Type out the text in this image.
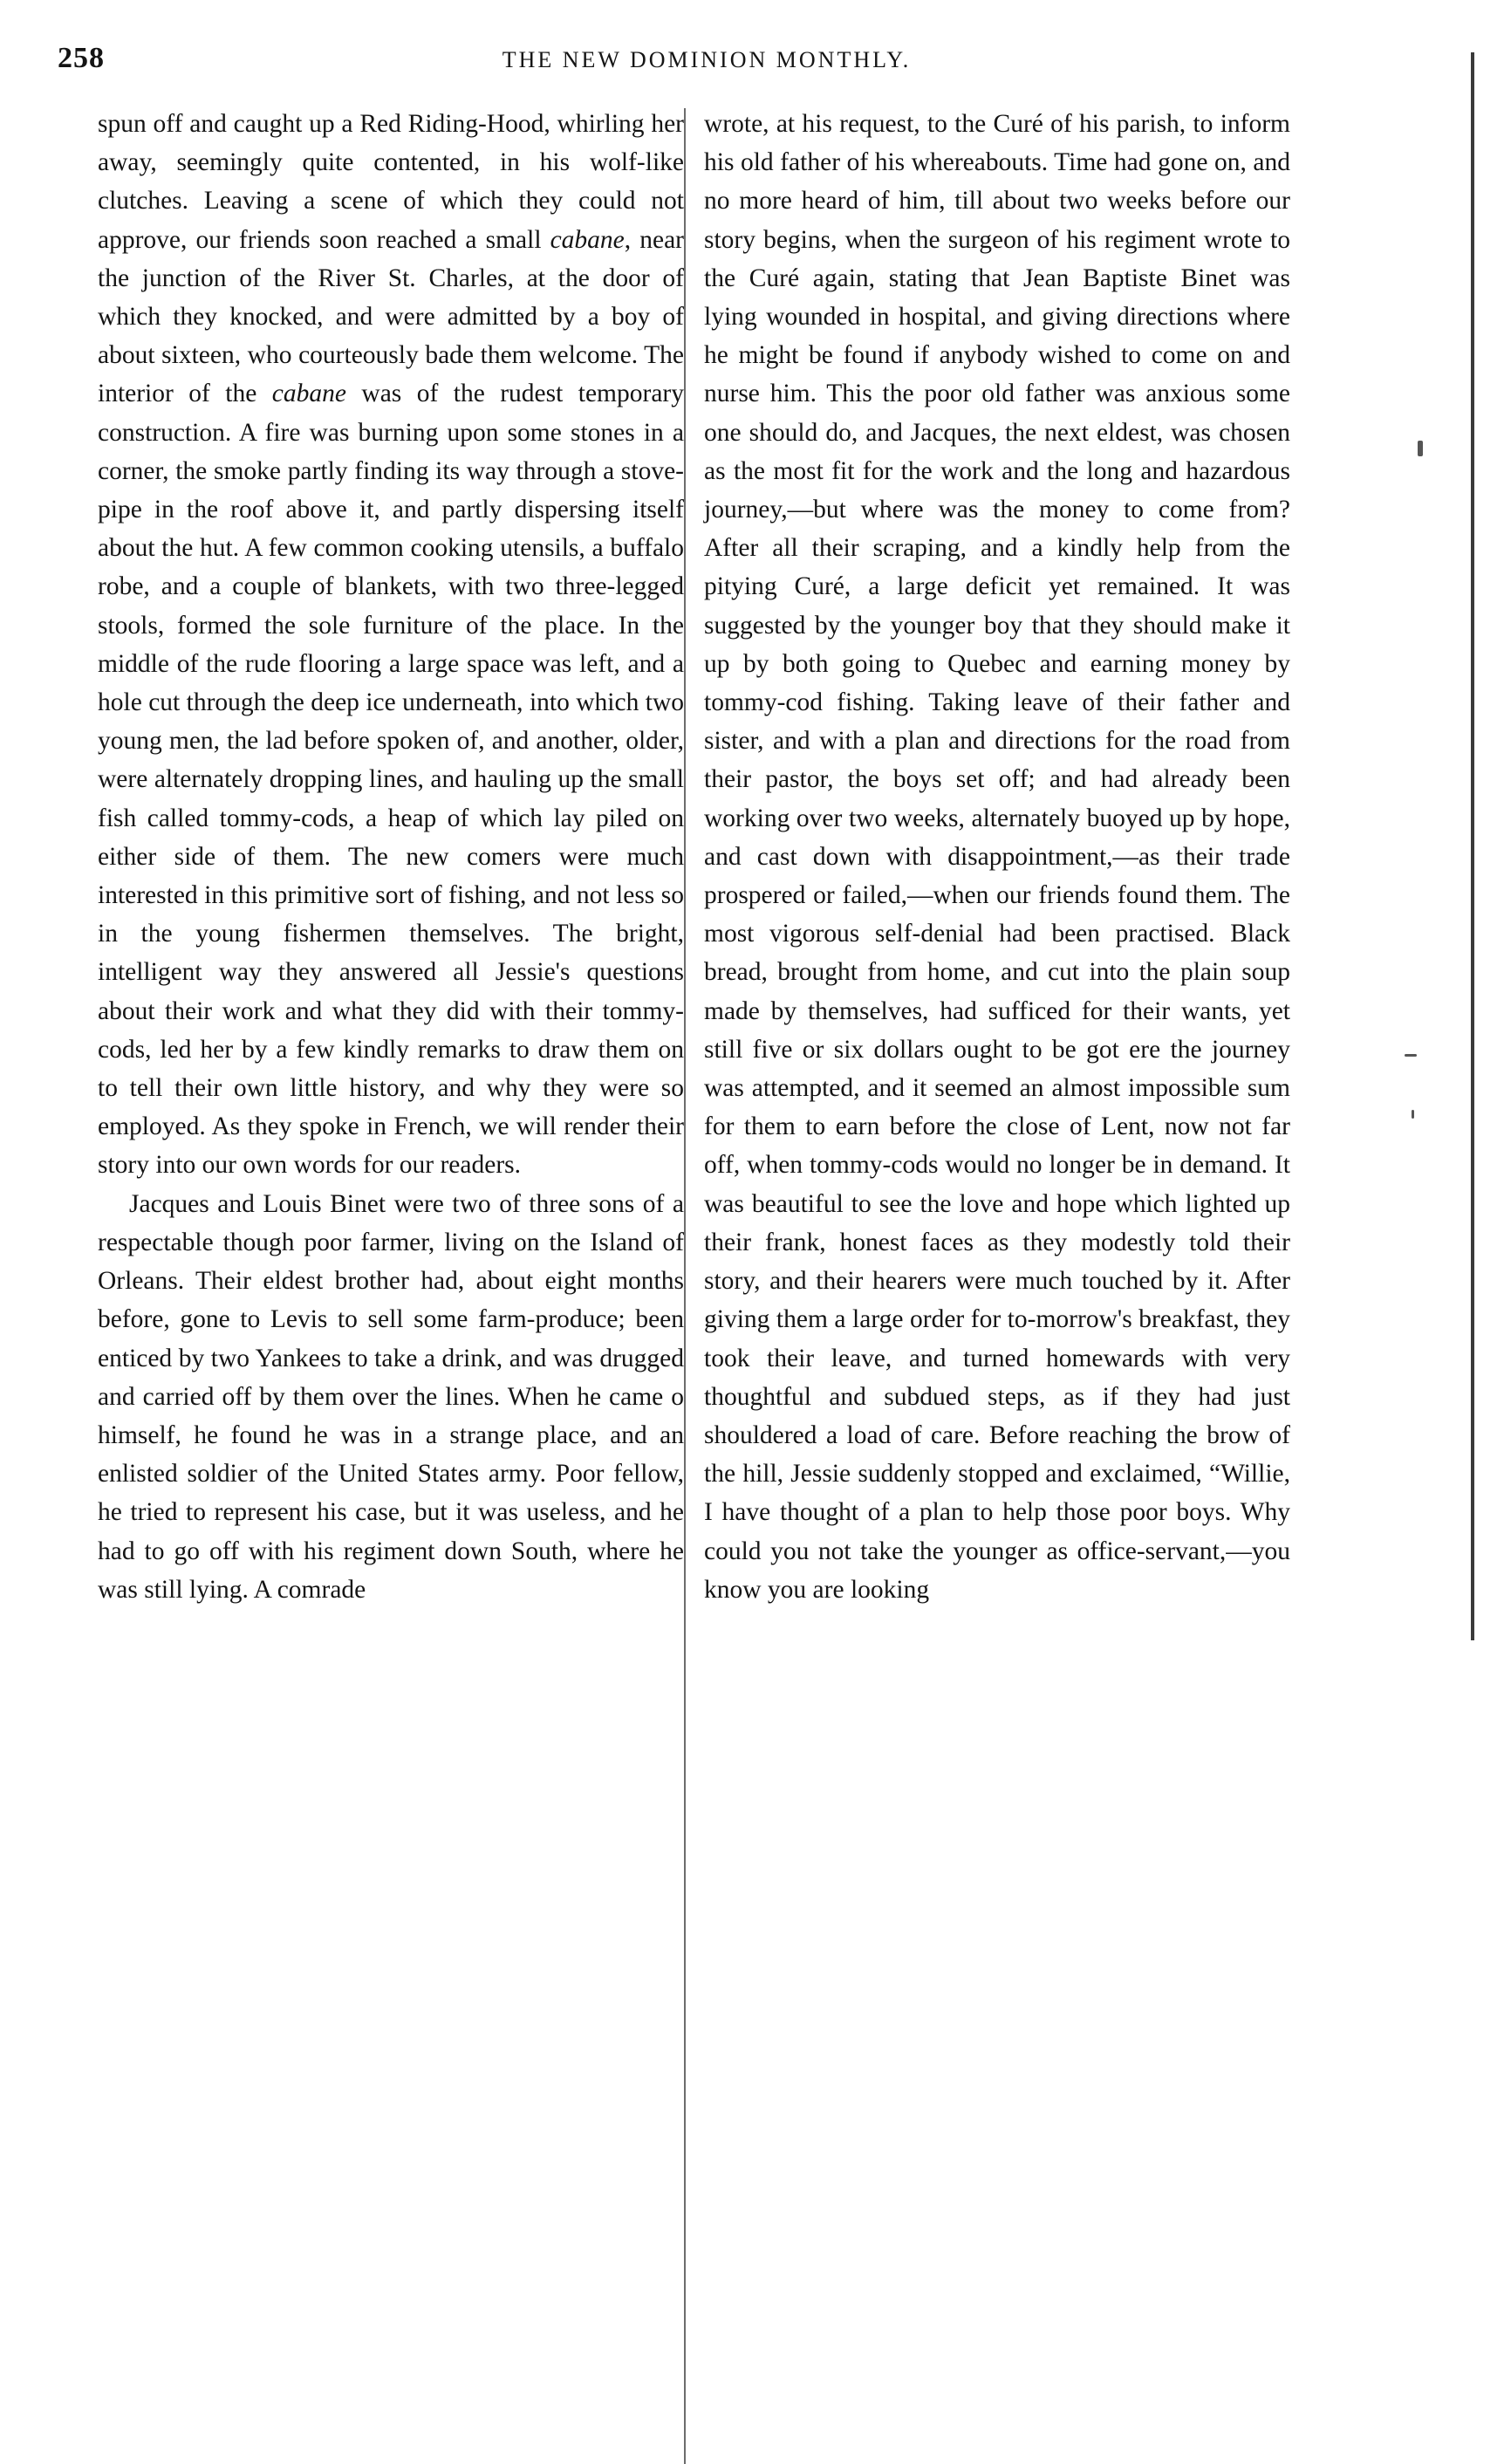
258	THE NEW DOMINION MONTHLY.

spun off and caught up a Red Riding-Hood, whirling her away, seemingly quite contented, in his wolf-like clutches. Leaving a scene of which they could not approve, our friends soon reached a small cabane, near the junction of the River St. Charles, at the door of which they knocked, and were admitted by a boy of about sixteen, who courteously bade them welcome. The interior of the cabane was of the rudest temporary construction. A fire was burning upon some stones in a corner, the smoke partly finding its way through a stove-pipe in the roof above it, and partly dispersing itself about the hut. A few common cooking utensils, a buffalo robe, and a couple of blankets, with two three-legged stools, formed the sole furniture of the place. In the middle of the rude flooring a large space was left, and a hole cut through the deep ice underneath, into which two young men, the lad before spoken of, and another, older, were alternately dropping lines, and hauling up the small fish called tommy-cods, a heap of which lay piled on either side of them. The new comers were much interested in this primitive sort of fishing, and not less so in the young fishermen themselves. The bright, intelligent way they answered all Jessie's questions about their work and what they did with their tommy-cods, led her by a few kindly remarks to draw them on to tell their own little history, and why they were so employed. As they spoke in French, we will render their story into our own words for our readers.

Jacques and Louis Binet were two of three sons of a respectable though poor farmer, living on the Island of Orleans. Their eldest brother had, about eight months before, gone to Levis to sell some farm-produce; been enticed by two Yankees to take a drink, and was drugged and carried off by them over the lines. When he came o himself, he found he was in a strange place, and an enlisted soldier of the United States army. Poor fellow, he tried to represent his case, but it was useless, and he had to go off with his regiment down South, where he was still lying. A comrade

wrote, at his request, to the Curé of his parish, to inform his old father of his whereabouts. Time had gone on, and no more heard of him, till about two weeks before our story begins, when the surgeon of his regiment wrote to the Curé again, stating that Jean Baptiste Binet was lying wounded in hospital, and giving directions where he might be found if anybody wished to come on and nurse him. This the poor old father was anxious some one should do, and Jacques, the next eldest, was chosen as the most fit for the work and the long and hazardous journey,—but where was the money to come from? After all their scraping, and a kindly help from the pitying Curé, a large deficit yet remained. It was suggested by the younger boy that they should make it up by both going to Quebec and earning money by tommy-cod fishing. Taking leave of their father and sister, and with a plan and directions for the road from their pastor, the boys set off; and had already been working over two weeks, alternately buoyed up by hope, and cast down with disappointment,—as their trade prospered or failed,—when our friends found them. The most vigorous self-denial had been practised. Black bread, brought from home, and cut into the plain soup made by themselves, had sufficed for their wants, yet still five or six dollars ought to be got ere the journey was attempted, and it seemed an almost impossible sum for them to earn before the close of Lent, now not far off, when tommy-cods would no longer be in demand. It was beautiful to see the love and hope which lighted up their frank, honest faces as they modestly told their story, and their hearers were much touched by it. After giving them a large order for to-morrow's breakfast, they took their leave, and turned homewards with very thoughtful and subdued steps, as if they had just shouldered a load of care. Before reaching the brow of the hill, Jessie suddenly stopped and exclaimed, “Willie, I have thought of a plan to help those poor boys. Why could you not take the younger as office-servant,—you know you are looking
